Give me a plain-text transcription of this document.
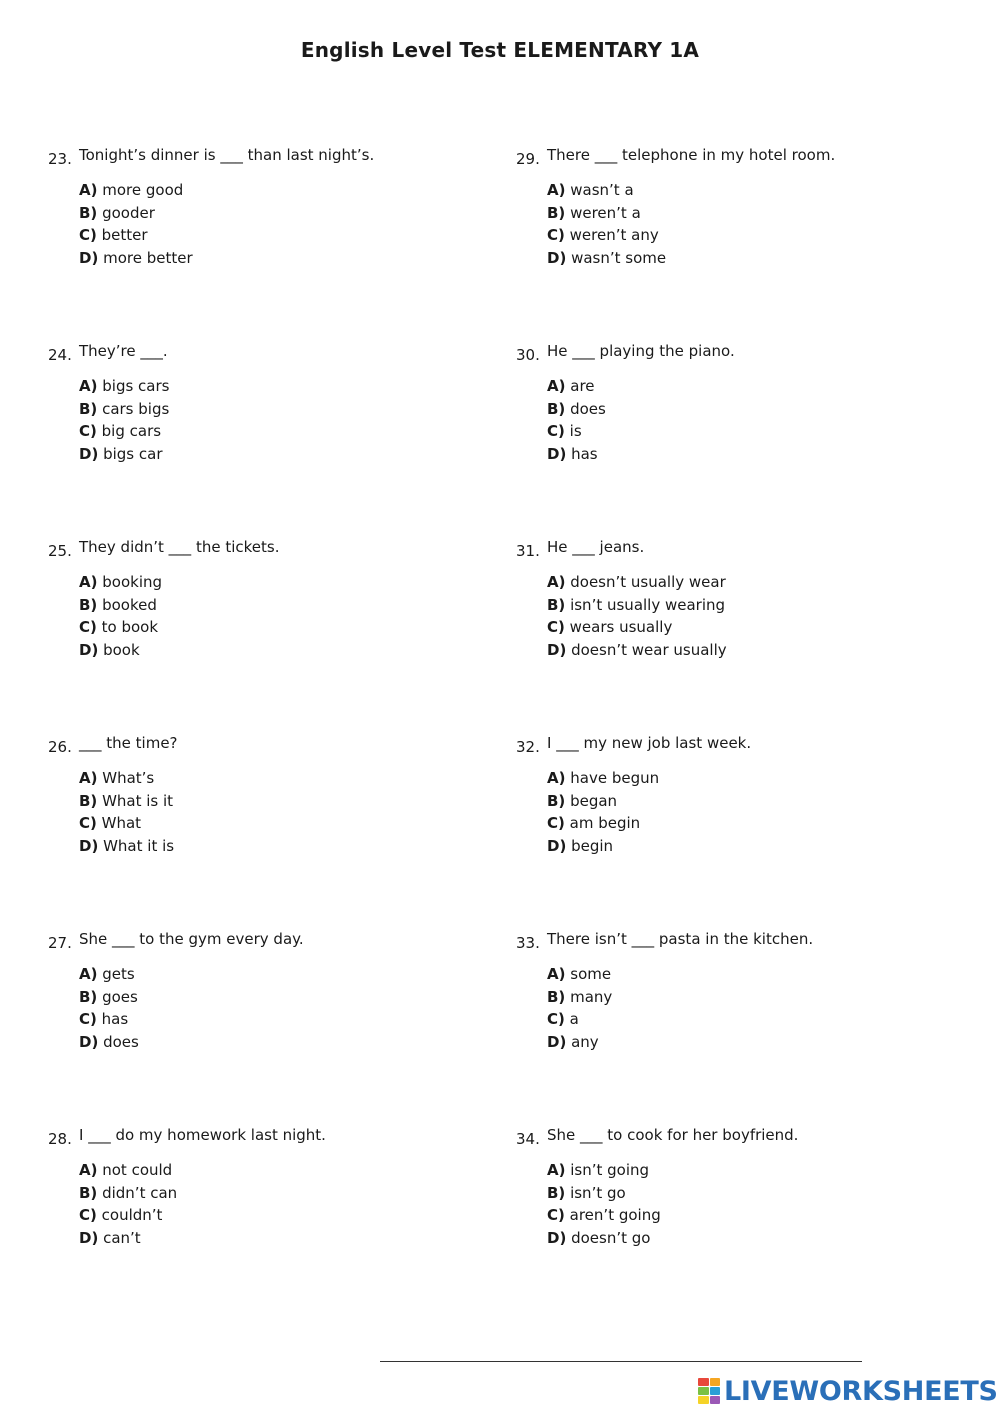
English Level Test ELEMENTARY 1A
23. Tonight’s dinner is ___ than last night’s.
A) more good
B) gooder
C) better
D) more better
24. They’re ___.
A) bigs cars
B) cars bigs
C) big cars
D) bigs car
25. They didn’t ___ the tickets.
A) booking
B) booked
C) to book
D) book
26. ___ the time?
A) What’s
B) What is it
C) What
D) What it is
27. She ___ to the gym every day.
A) gets
B) goes
C) has
D) does
28. I ___ do my homework last night.
A) not could
B) didn’t can
C) couldn’t
D) can’t
29. There ___ telephone in my hotel room.
A) wasn’t a
B) weren’t a
C) weren’t any
D) wasn’t some
30. He ___ playing the piano.
A) are
B) does
C) is
D) has
31. He ___ jeans.
A) doesn’t usually wear
B) isn’t usually wearing
C) wears usually
D) doesn’t wear usually
32. I ___ my new job last week.
A) have begun
B) began
C) am begin
D) begin
33. There isn’t ___ pasta in the kitchen.
A) some
B) many
C) a
D) any
34. She ___ to cook for her boyfriend.
A) isn’t going
B) isn’t go
C) aren’t going
D) doesn’t go
LIVEWORKSHEETS
